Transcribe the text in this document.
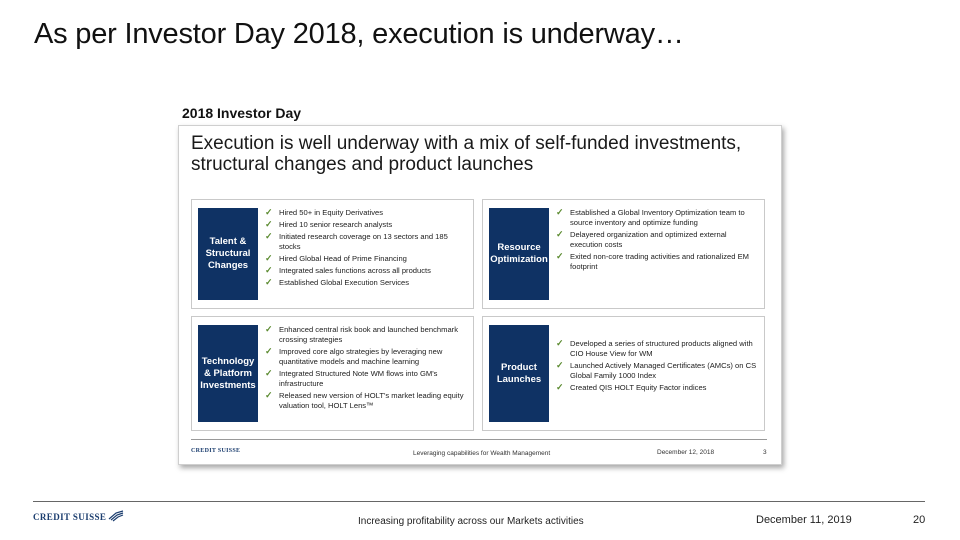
As per Investor Day 2018, execution is underway…
2018 Investor Day
Execution is well underway with a mix of self-funded investments, structural changes and product launches
Talent & Structural Changes
✓ Hired 50+ in Equity Derivatives
✓ Hired 10 senior research analysts
✓ Initiated research coverage on 13 sectors and 185 stocks
✓ Hired Global Head of Prime Financing
✓ Integrated sales functions across all products
✓ Established Global Execution Services
Resource Optimization
✓ Established a Global Inventory Optimization team to source inventory and optimize funding
✓ Delayered organization and optimized external execution costs
✓ Exited non-core trading activities and rationalized EM footprint
Technology & Platform Investments
✓ Enhanced central risk book and launched benchmark crossing strategies
✓ Improved core algo strategies by leveraging new quantitative models and machine learning
✓ Integrated Structured Note WM flows into GM's infrastructure
✓ Released new version of HOLT's market leading equity valuation tool, HOLT Lens™
Product Launches
✓ Developed a series of structured products aligned with CIO House View for WM
✓ Launched Actively Managed Certificates (AMCs) on CS Global Family 1000 Index
✓ Created QIS HOLT Equity Factor indices
CREDIT SUISSE	Leveraging capabilities for Wealth Management	December 12, 2018	3
CREDIT SUISSE	Increasing profitability across our Markets activities	December 11, 2019	20
